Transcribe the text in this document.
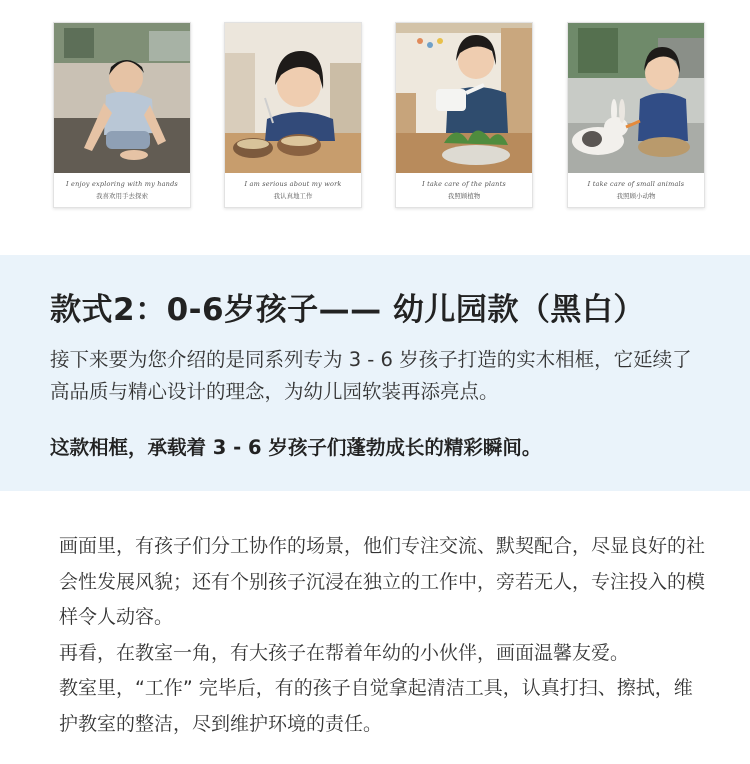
I enjoy exploring with my hands
我喜欢用手去探索
I am serious about my work
我认真地工作
I take care of the plants
我照顾植物
I take care of small animals
我照顾小动物
款式2：0-6岁孩子—— 幼儿园款（黑白）

接下来要为您介绍的是同系列专为 3 - 6 岁孩子打造的实木相框，它延续了高品质与精心设计的理念，为幼儿园软装再添亮点。

这款相框，承载着 3 - 6 岁孩子们蓬勃成长的精彩瞬间。

画面里，有孩子们分工协作的场景，他们专注交流、默契配合，尽显良好的社会性发展风貌；还有个别孩子沉浸在独立的工作中，旁若无人，专注投入的模样令人动容。

再看，在教室一角，有大孩子在帮着年幼的小伙伴，画面温馨友爱。

教室里，“工作” 完毕后，有的孩子自觉拿起清洁工具，认真打扫、擦拭，维护教室的整洁，尽到维护环境的责任。
